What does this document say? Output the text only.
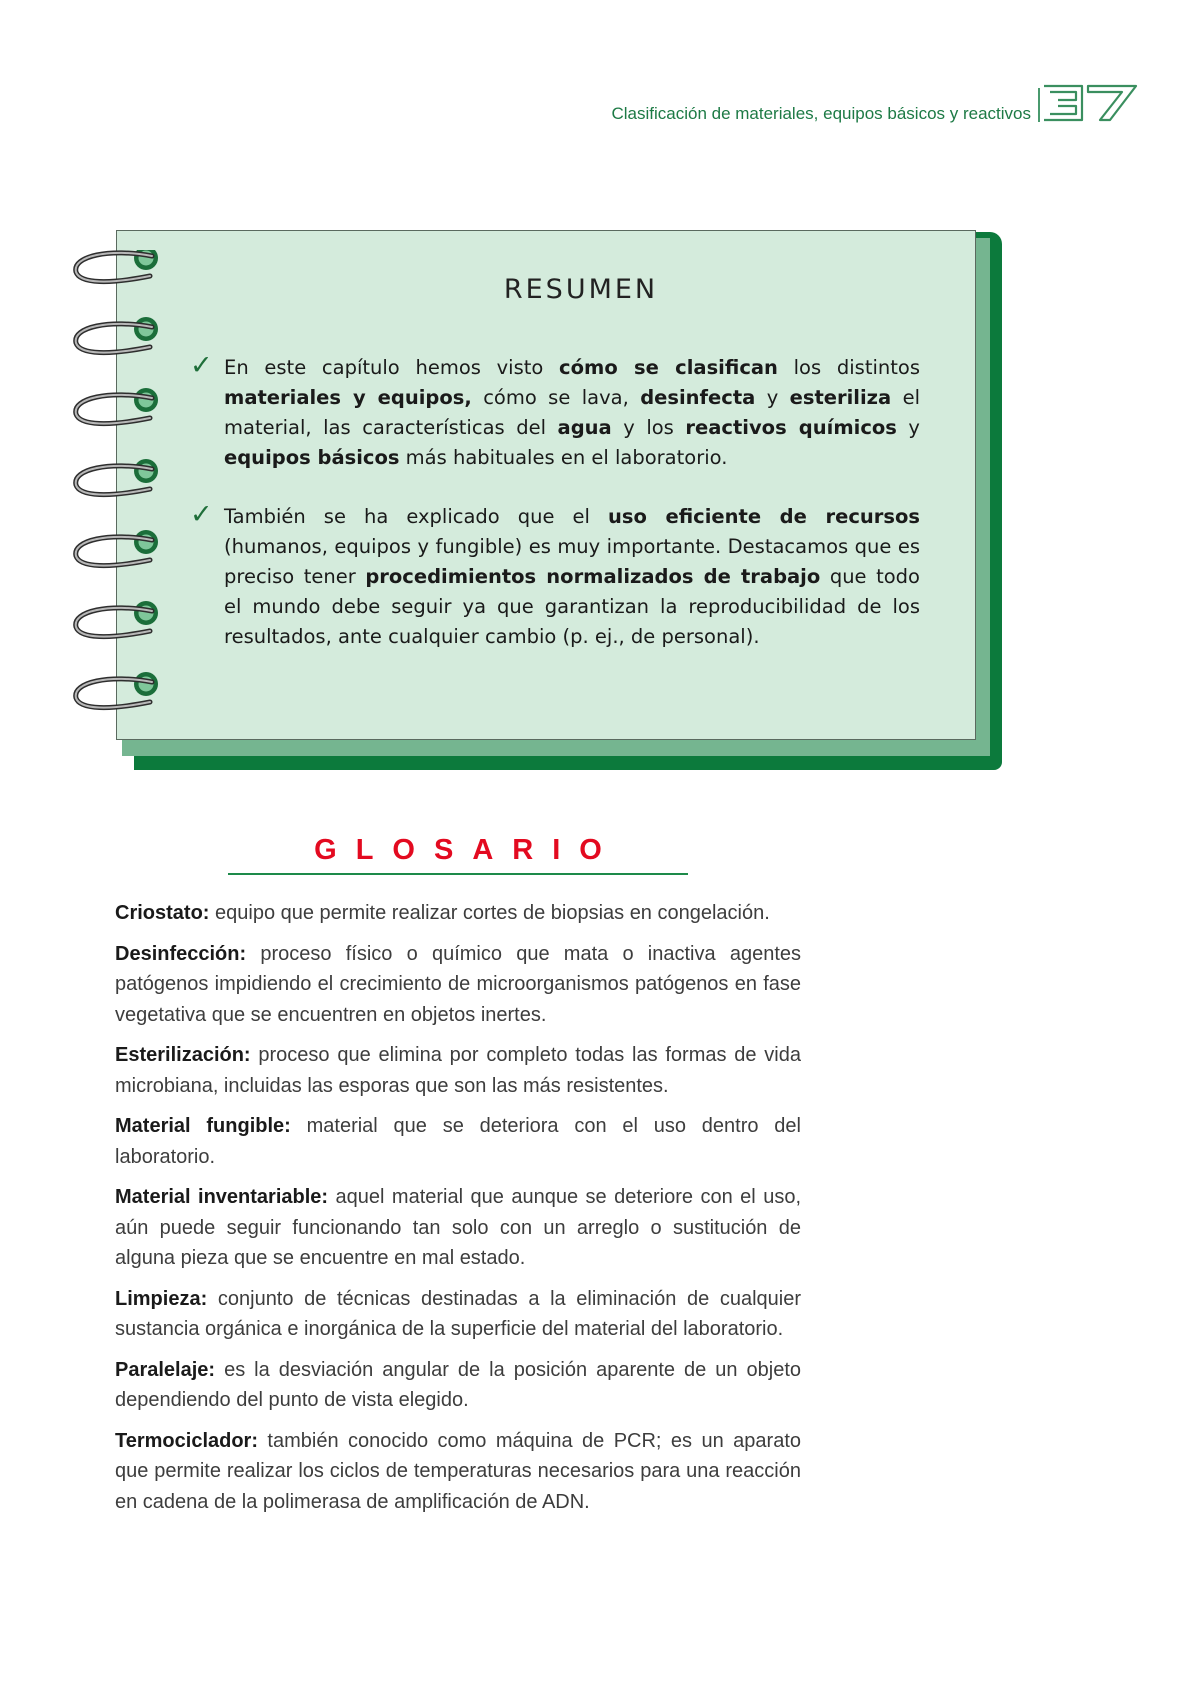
Clasificación de materiales, equipos básicos y reactivos
RESUMEN
✓ En este capítulo hemos visto cómo se clasifican los distintos materiales y equipos, cómo se lava, desinfecta y esteriliza el material, las características del agua y los reactivos químicos y equipos básicos más habituales en el laboratorio.
✓ También se ha explicado que el uso eficiente de recursos (humanos, equipos y fungible) es muy importante. Destacamos que es preciso tener procedimientos normalizados de trabajo que todo el mundo debe seguir ya que garantizan la reproducibilidad de los resultados, ante cualquier cambio (p. ej., de personal).
GLOSARIO
Criostato: equipo que permite realizar cortes de biopsias en congelación.
Desinfección: proceso físico o químico que mata o inactiva agentes patógenos impidiendo el crecimiento de microorganismos patógenos en fase vegetativa que se encuentren en objetos inertes.
Esterilización: proceso que elimina por completo todas las formas de vida microbiana, incluidas las esporas que son las más resistentes.
Material fungible: material que se deteriora con el uso dentro del laboratorio.
Material inventariable: aquel material que aunque se deteriore con el uso, aún puede seguir funcionando tan solo con un arreglo o sustitución de alguna pieza que se encuentre en mal estado.
Limpieza: conjunto de técnicas destinadas a la eliminación de cualquier sustancia orgánica e inorgánica de la superficie del material del laboratorio.
Paralelaje: es la desviación angular de la posición aparente de un objeto dependiendo del punto de vista elegido.
Termociclador: también conocido como máquina de PCR; es un aparato que permite realizar los ciclos de temperaturas necesarios para una reacción en cadena de la polimerasa de amplificación de ADN.
